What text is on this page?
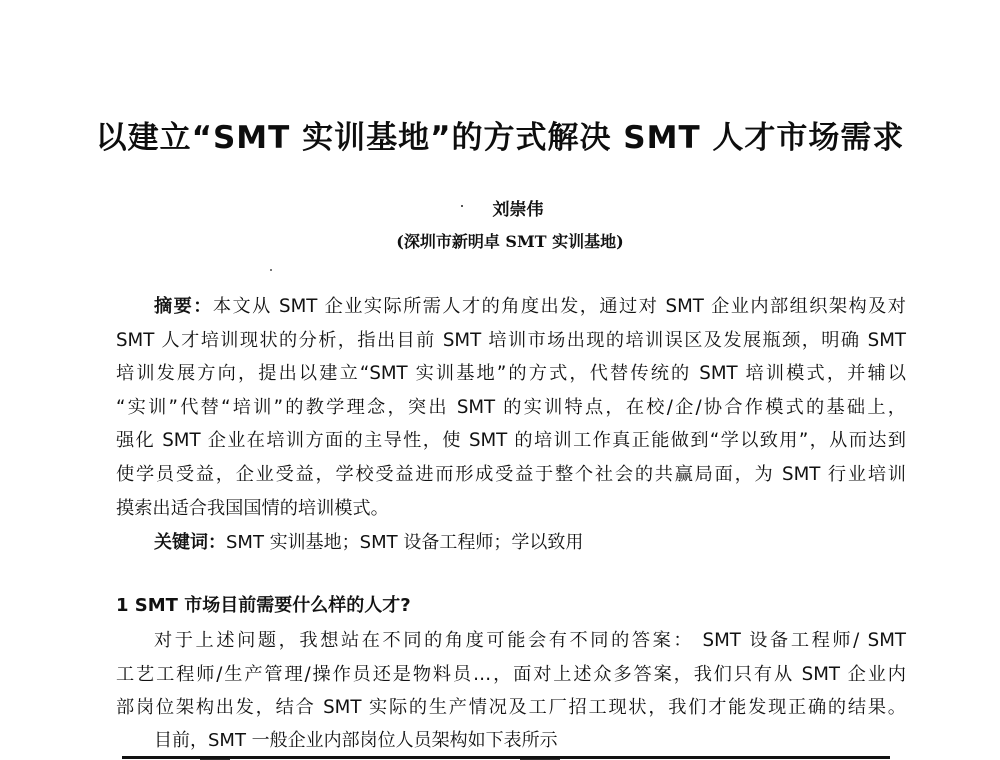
以建立“SMT 实训基地”的方式解决 SMT 人才市场需求
刘崇伟
(深圳市新明卓 SMT 实训基地)
摘要：本文从 SMT 企业实际所需人才的角度出发，通过对 SMT 企业内部组织架构及对
SMT 人才培训现状的分析，指出目前 SMT 培训市场出现的培训误区及发展瓶颈，明确 SMT
培训发展方向，提出以建立“SMT 实训基地”的方式，代替传统的 SMT 培训模式，并辅以
“实训”代替“培训”的教学理念，突出 SMT 的实训特点，在校/企/协合作模式的基础上，
强化 SMT 企业在培训方面的主导性，使 SMT 的培训工作真正能做到“学以致用”，从而达到
使学员受益，企业受益，学校受益进而形成受益于整个社会的共赢局面，为 SMT 行业培训
摸索出适合我国国情的培训模式。
关键词：SMT 实训基地；SMT 设备工程师；学以致用
1 SMT 市场目前需要什么样的人才?
对于上述问题，我想站在不同的角度可能会有不同的答案： SMT 设备工程师/ SMT
工艺工程师/生产管理/操作员还是物料员…，面对上述众多答案，我们只有从 SMT 企业内
部岗位架构出发，结合 SMT 实际的生产情况及工厂招工现状，我们才能发现正确的结果。
目前，SMT 一般企业内部岗位人员架构如下表所示
